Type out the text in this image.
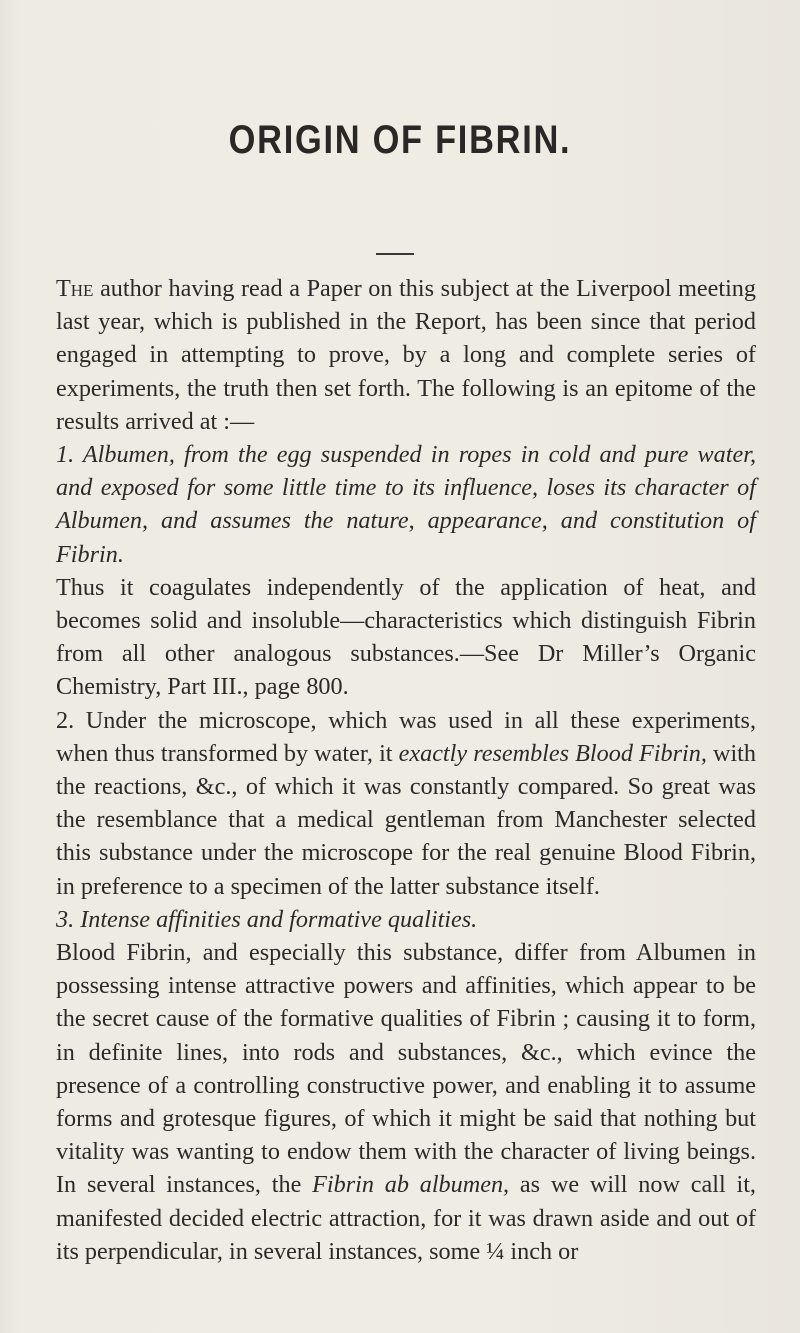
ORIGIN OF FIBRIN.

The author having read a Paper on this subject at the Liverpool meeting last year, which is published in the Report, has been since that period engaged in attempting to prove, by a long and complete series of experiments, the truth then set forth. The following is an epitome of the results arrived at :—

1. Albumen, from the egg suspended in ropes in cold and pure water, and exposed for some little time to its influence, loses its character of Albumen, and assumes the nature, appearance, and constitution of Fibrin.

Thus it coagulates independently of the application of heat, and becomes solid and insoluble—characteristics which distinguish Fibrin from all other analogous substances.—See Dr Miller’s Organic Chemistry, Part III., page 800.

2. Under the microscope, which was used in all these experiments, when thus transformed by water, it exactly resembles Blood Fibrin, with the reactions, &c., of which it was constantly compared. So great was the resemblance that a medical gentleman from Manchester selected this substance under the microscope for the real genuine Blood Fibrin, in preference to a specimen of the latter substance itself.

3. Intense affinities and formative qualities.

Blood Fibrin, and especially this substance, differ from Albumen in possessing intense attractive powers and affinities, which appear to be the secret cause of the formative qualities of Fibrin ; causing it to form, in definite lines, into rods and substances, &c., which evince the presence of a controlling constructive power, and enabling it to assume forms and grotesque figures, of which it might be said that nothing but vitality was wanting to endow them with the character of living beings. In several instances, the Fibrin ab albumen, as we will now call it, manifested decided electric attraction, for it was drawn aside and out of its perpendicular, in several instances, some ¼ inch or
